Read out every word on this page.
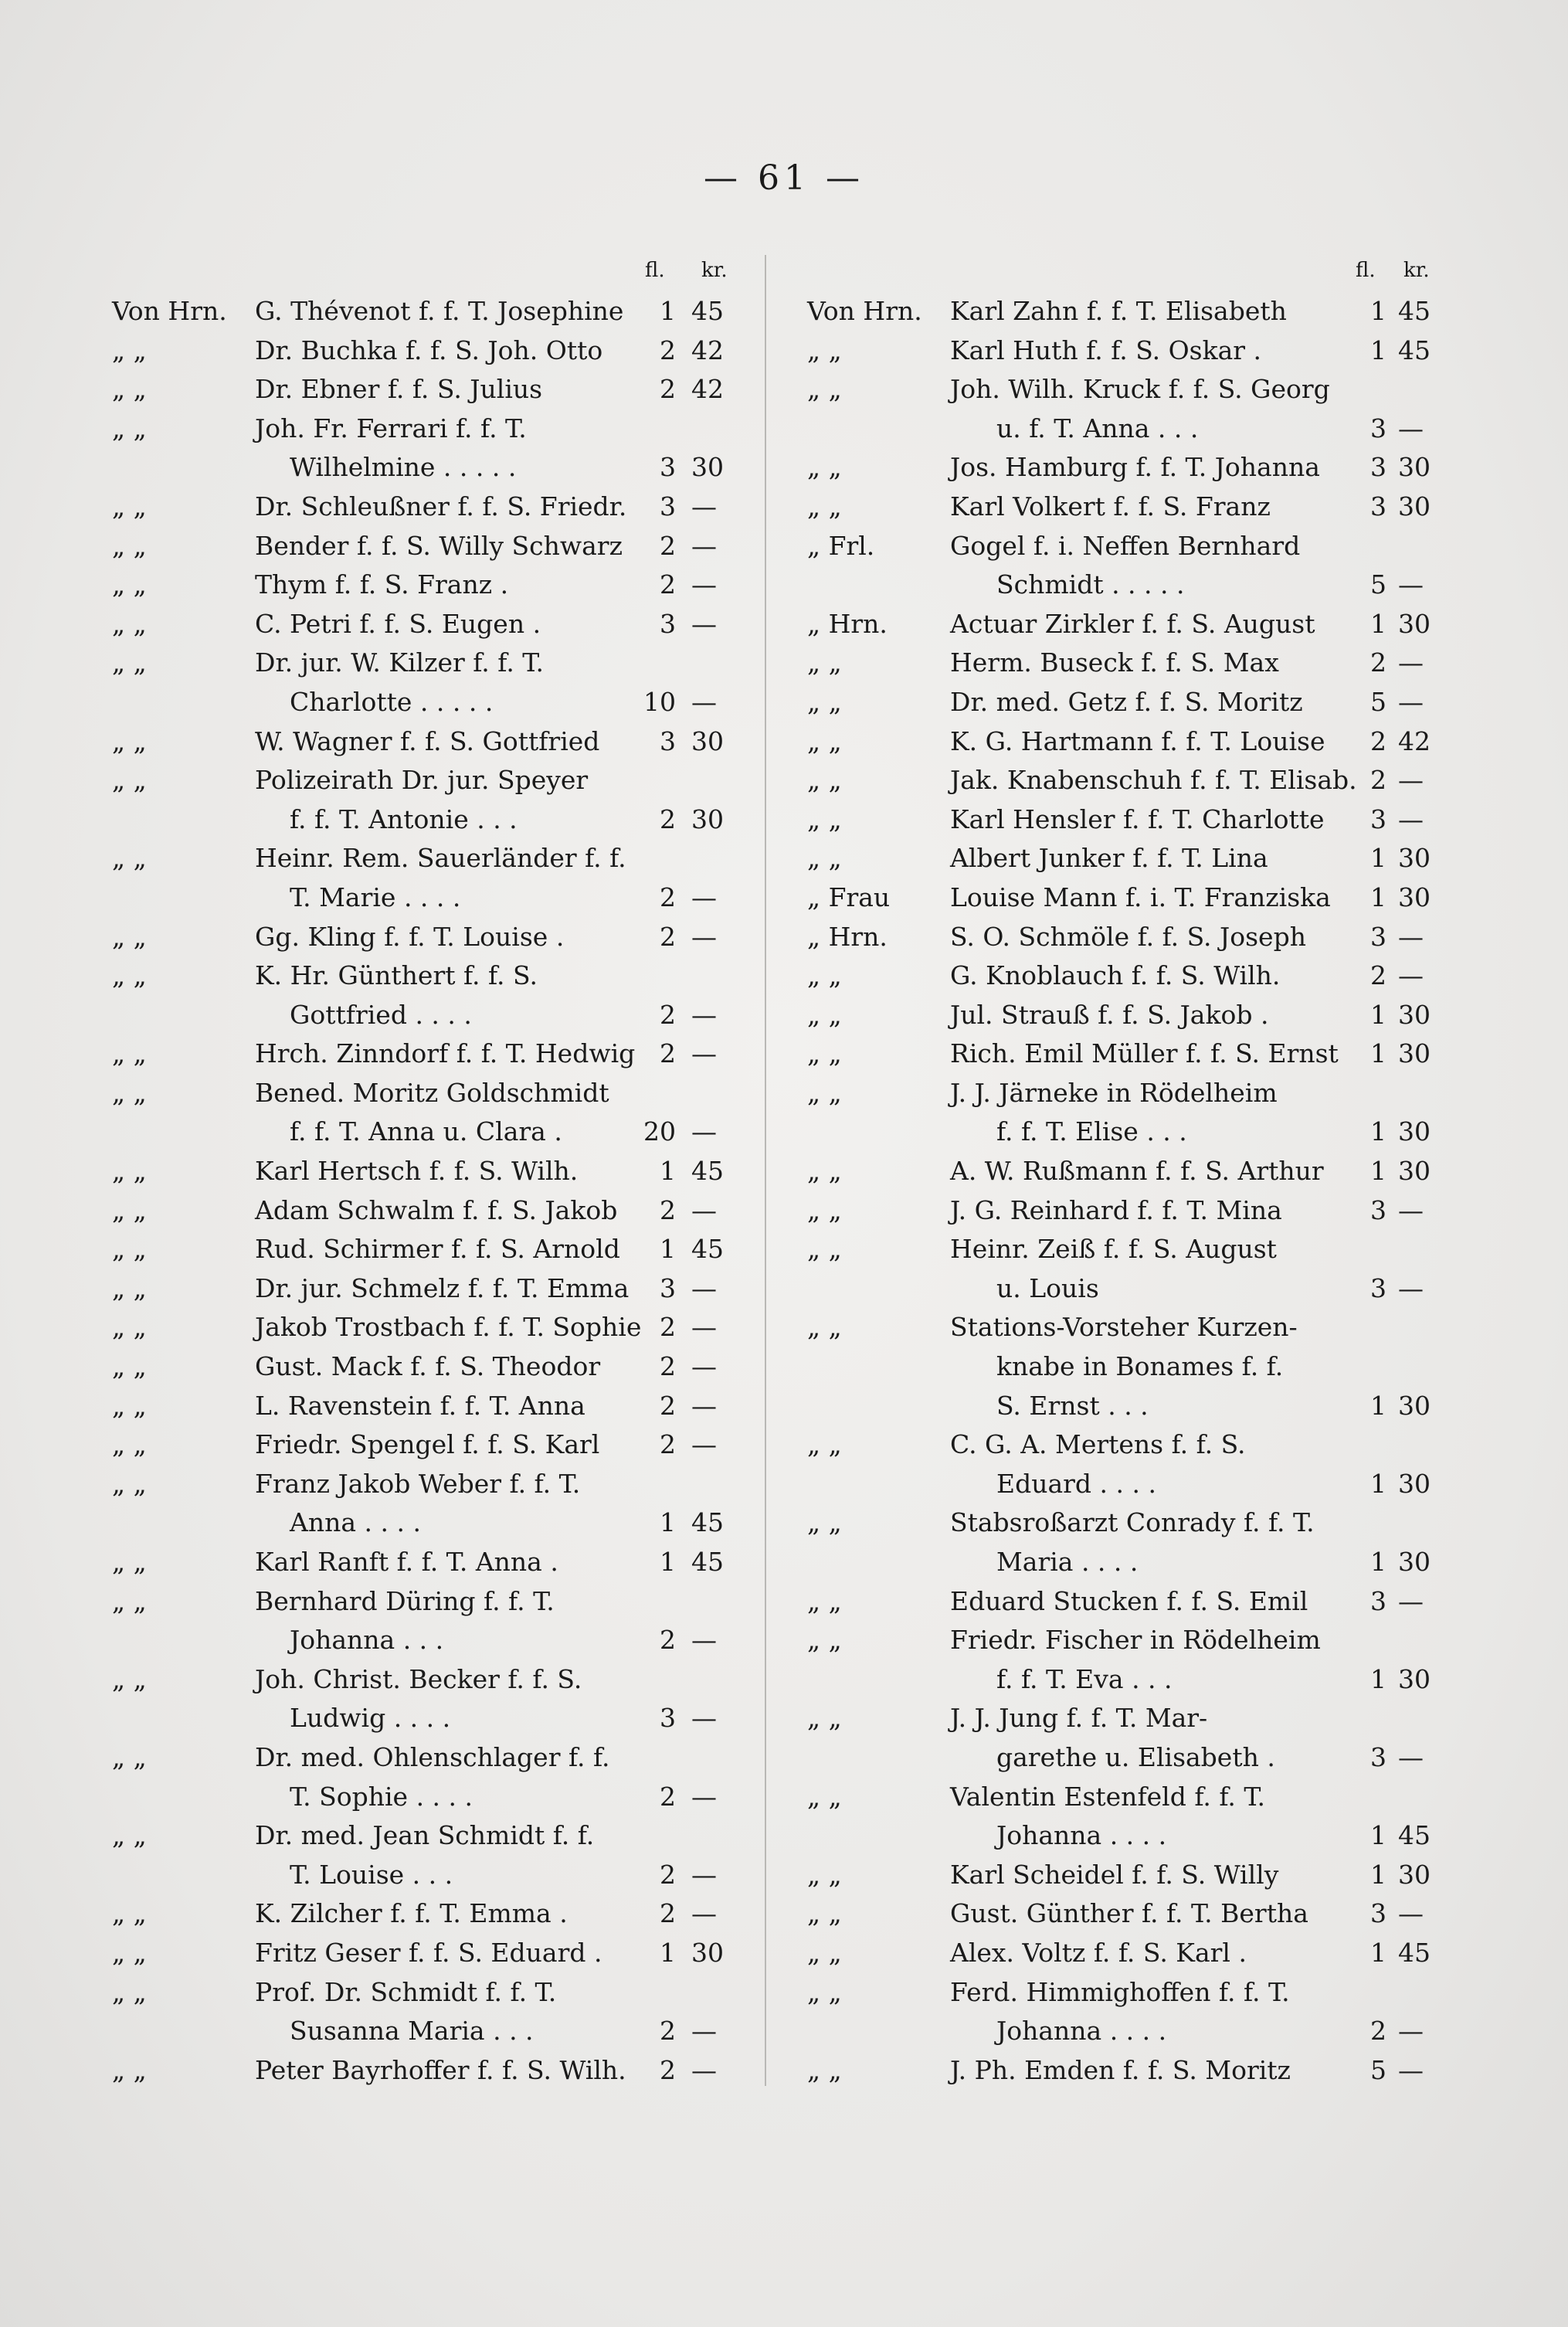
— 61 —
fl. kr.
Von Hrn. G. Thévenot f. f. T. Josephine	1 45
„ „	Dr. Buchka f. f. S. Joh. Otto	2 42
„ „	Dr. Ebner f. f. S. Julius	2 42
„ „	Joh. Fr. Ferrari f. f. T.
Wilhelmine . . . . .	3 30
„ „	Dr. Schleußner f. f. S. Friedr.	3 —
„ „	Bender f. f. S. Willy Schwarz	2 —
„ „	Thym f. f. S. Franz .	2 —
„ „	C. Petri f. f. S. Eugen .	3 —
„ „	Dr. jur. W. Kilzer f. f. T.
Charlotte . . . . .	10 —
„ „	W. Wagner f. f. S. Gottfried	3 30
„ „	Polizeirath Dr. jur. Speyer
f. f. T. Antonie . . .	2 30
„ „	Heinr. Rem. Sauerländer f. f.
T. Marie . . . .	2 —
„ „	Gg. Kling f. f. T. Louise .	2 —
„ „	K. Hr. Günthert f. f. S.
Gottfried . . . .	2 —
„ „	Hrch. Zinndorf f. f. T. Hedwig 2 —
„ „	Bened. Moritz Goldschmidt
f. f. T. Anna u. Clara .	20 —
„ „	Karl Hertsch f. f. S. Wilh.	1 45
„ „	Adam Schwalm f. f. S. Jakob	2 —
„ „	Rud. Schirmer f. f. S. Arnold	1 45
„ „	Dr. jur. Schmelz f. f. T. Emma	3 —
„ „	Jakob Trostbach f. f. T. Sophie 2 —
„ „	Gust. Mack f. f. S. Theodor	2 —
„ „	L. Ravenstein f. f. T. Anna	2 —
„ „	Friedr. Spengel f. f. S. Karl	2 —
„ „	Franz Jakob Weber f. f. T.
Anna . . . .	1 45
„ „	Karl Ranft f. f. T. Anna .	1 45
„ „	Bernhard Düring f. f. T.
Johanna . . .	2 —
„ „	Joh. Christ. Becker f. f. S.
Ludwig . . . .	3 —
„ „	Dr. med. Ohlenschlager f. f.
T. Sophie . . . .	2 —
„ „	Dr. med. Jean Schmidt f. f.
T. Louise . . .	2 —
„ „	K. Zilcher f. f. T. Emma .	2 —
„ „	Fritz Geser f. f. S. Eduard .	1 30
„ „	Prof. Dr. Schmidt f. f. T.
Susanna Maria . . .	2 —
„ „	Peter Bayrhoffer f. f. S. Wilh.	2 —
fl. kr.
Von Hrn. Karl Zahn f. f. T. Elisabeth	1 45
„ „	Karl Huth f. f. S. Oskar .	1 45
„ „	Joh. Wilh. Kruck f. f. S. Georg
u. f. T. Anna . . .	3 —
„ „	Jos. Hamburg f. f. T. Johanna	3 30
„ „	Karl Volkert f. f. S. Franz	3 30
„ Frl.	Gogel f. i. Neffen Bernhard
Schmidt . . . . .	5 —
„ Hrn. Actuar Zirkler f. f. S. August	1 30
„ „	Herm. Buseck f. f. S. Max	2 —
„ „	Dr. med. Getz f. f. S. Moritz	5 —
„ „	K. G. Hartmann f. f. T. Louise	2 42
„ „	Jak. Knabenschuh f. f. T. Elisab. 2 —
„ „	Karl Hensler f. f. T. Charlotte	3 —
„ „	Albert Junker f. f. T. Lina	1 30
„ Frau Louise Mann f. i. T. Franziska	1 30
„ Hrn. S. O. Schmöle f. f. S. Joseph	3 —
„ „	G. Knoblauch f. f. S. Wilh.	2 —
„ „	Jul. Strauß f. f. S. Jakob .	1 30
„ „	Rich. Emil Müller f. f. S. Ernst	1 30
„ „	J. J. Järneke in Rödelheim
f. f. T. Elise . . .	1 30
„ „	A. W. Rußmann f. f. S. Arthur	1 30
„ „	J. G. Reinhard f. f. T. Mina	3 —
„ „	Heinr. Zeiß f. f. S. August
u. Louis	3 —
„ „	Stations-Vorsteher Kurzen-
knabe in Bonames f. f.
S. Ernst . . .	1 30
„ „	C. G. A. Mertens f. f. S.
Eduard . . . .	1 30
„ „	Stabsroßarzt Conrady f. f. T.
Maria . . . .	1 30
„ „	Eduard Stucken f. f. S. Emil	3 —
„ „	Friedr. Fischer in Rödelheim
f. f. T. Eva . . .	1 30
„ „	J. J. Jung f. f. T. Mar-
garethe u. Elisabeth .	3 —
„ „	Valentin Estenfeld f. f. T.
Johanna . . . .	1 45
„ „	Karl Scheidel f. f. S. Willy	1 30
„ „	Gust. Günther f. f. T. Bertha	3 —
„ „	Alex. Voltz f. f. S. Karl .	1 45
„ „	Ferd. Himmighoffen f. f. T.
Johanna . . . .	2 —
„ „	J. Ph. Emden f. f. S. Moritz	5 —
